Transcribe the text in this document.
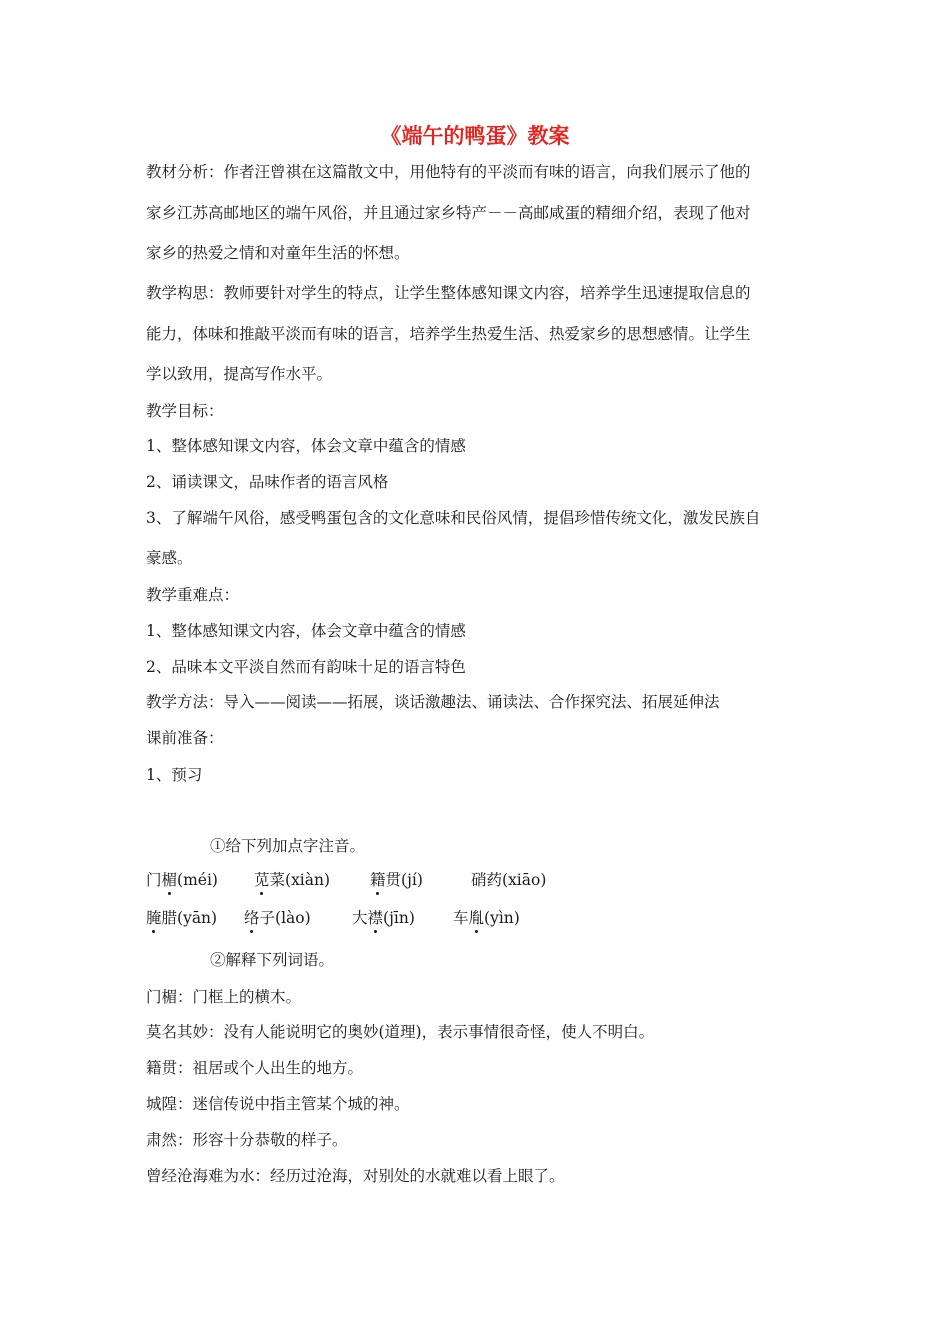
《端午的鸭蛋》教案
教材分析：作者汪曾祺在这篇散文中，用他特有的平淡而有味的语言，向我们展示了他的
家乡江苏高邮地区的端午风俗，并且通过家乡特产－－高邮咸蛋的精细介绍，表现了他对
家乡的热爱之情和对童年生活的怀想。
教学构思：教师要针对学生的特点，让学生整体感知课文内容，培养学生迅速提取信息的
能力，体味和推敲平淡而有味的语言，培养学生热爱生活、热爱家乡的思想感情。让学生
学以致用，提高写作水平。
教学目标：
1、整体感知课文内容，体会文章中蕴含的情感
2、诵读课文，品味作者的语言风格
3、了解端午风俗，感受鸭蛋包含的文化意味和民俗风情，提倡珍惜传统文化，激发民族自
豪感。
教学重难点：
1、整体感知课文内容，体会文章中蕴含的情感
2、品味本文平淡自然而有韵味十足的语言特色
教学方法：导入——阅读——拓展，谈话激趣法、诵读法、合作探究法、拓展延伸法
课前准备：
1、预习
①给下列加点字注音。
门楣(méi) 苋菜(xiàn)	籍贯(jí)	硝药(xiāo)
腌腊(yān) 络子(lào)	大襟(jīn) 车胤(yìn)
②解释下列词语。
门楣：门框上的横木。
莫名其妙：没有人能说明它的奥妙(道理)，表示事情很奇怪，使人不明白。
籍贯：祖居或个人出生的地方。
城隍：迷信传说中指主管某个城的神。
肃然：形容十分恭敬的样子。
曾经沧海难为水：经历过沧海，对别处的水就难以看上眼了。
